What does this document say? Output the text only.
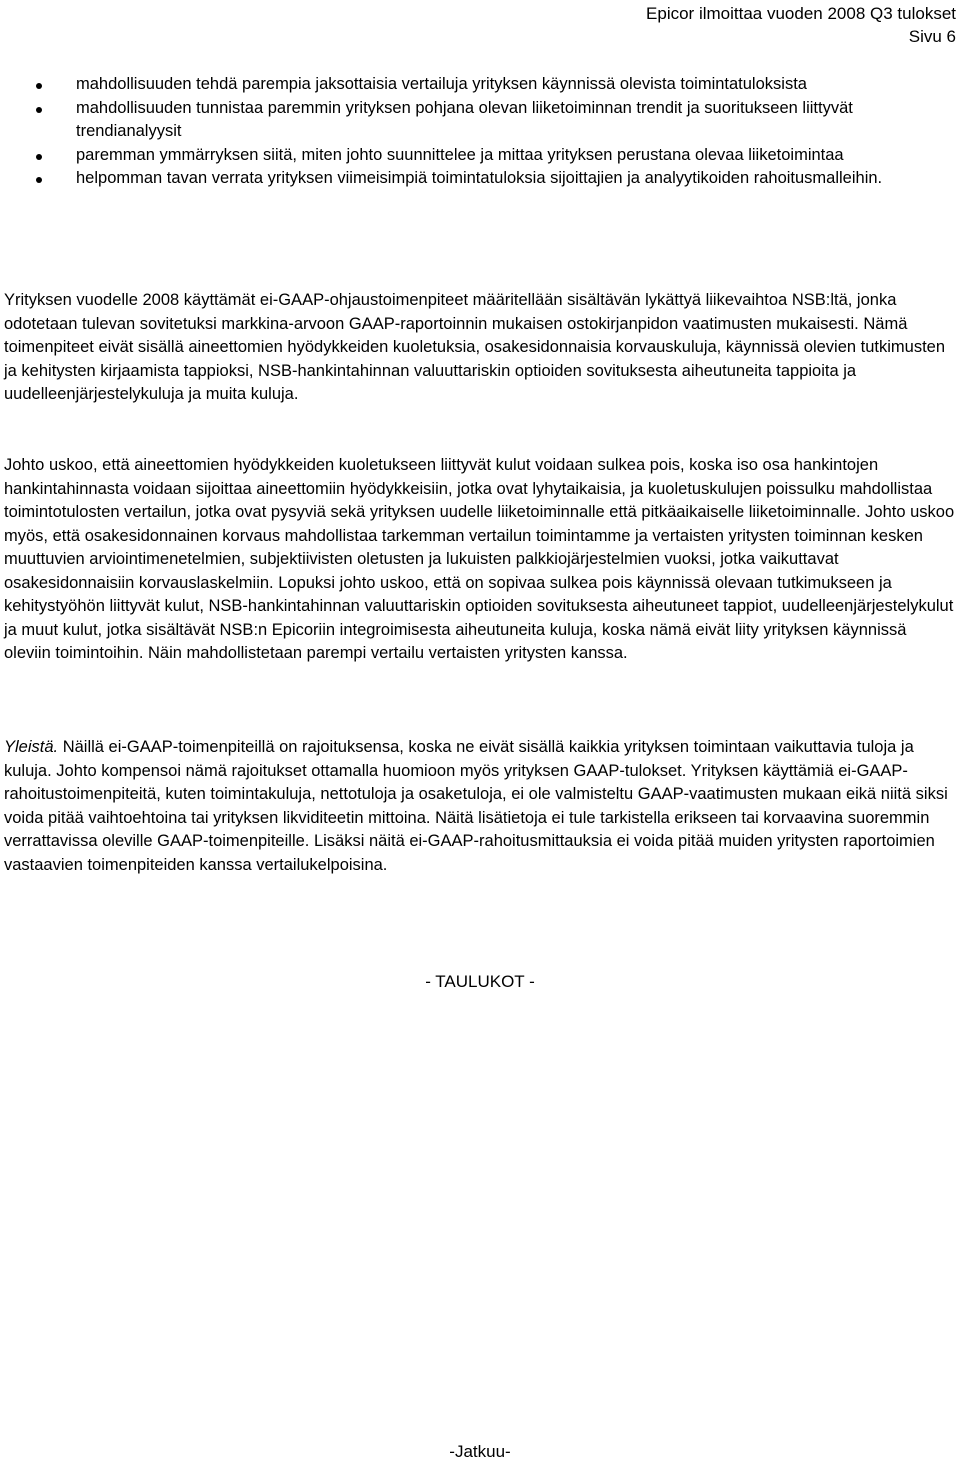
Epicor ilmoittaa vuoden 2008 Q3 tulokset
Sivu 6
mahdollisuuden tehdä parempia jaksottaisia vertailuja yrityksen käynnissä olevista toimintatuloksista
mahdollisuuden tunnistaa paremmin yrityksen pohjana olevan liiketoiminnan trendit ja suoritukseen liittyvät trendianalyysit
paremman ymmärryksen siitä, miten johto suunnittelee ja mittaa yrityksen perustana olevaa liiketoimintaa
helpomman tavan verrata yrityksen viimeisimpiä toimintatuloksia sijoittajien ja analyytikoiden rahoitusmalleihin.

Yrityksen vuodelle 2008 käyttämät ei-GAAP-ohjaustoimenpiteet määritellään sisältävän lykättyä liikevaihtoa NSB:ltä, jonka odotetaan tulevan sovitetuksi markkina-arvoon GAAP-raportoinnin mukaisen ostokirjanpidon vaatimusten mukaisesti. Nämä toimenpiteet eivät sisällä aineettomien hyödykkeiden kuoletuksia, osakesidonnaisia korvauskuluja, käynnissä olevien tutkimusten ja kehitysten kirjaamista tappioksi, NSB-hankintahinnan valuuttariskin optioiden sovituksesta aiheutuneita tappioita ja uudelleenjärjestelykuluja ja muita kuluja.

Johto uskoo, että aineettomien hyödykkeiden kuoletukseen liittyvät kulut voidaan sulkea pois, koska iso osa hankintojen hankintahinnasta voidaan sijoittaa aineettomiin hyödykkeisiin, jotka ovat lyhytaikaisia, ja kuoletuskulujen poissulku mahdollistaa toimintotulosten vertailun, jotka ovat pysyviä sekä yrityksen uudelle liiketoiminnalle että pitkäaikaiselle liiketoiminnalle. Johto uskoo myös, että osakesidonnainen korvaus mahdollistaa tarkemman vertailun toimintamme ja vertaisten yritysten toiminnan kesken muuttuvien arviointimenetelmien, subjektiivisten oletusten ja lukuisten palkkiojärjestelmien vuoksi, jotka vaikuttavat osakesidonnaisiin korvauslaskelmiin. Lopuksi johto uskoo, että on sopivaa sulkea pois käynnissä olevaan tutkimukseen ja kehitystyöhön liittyvät kulut, NSB-hankintahinnan valuuttariskin optioiden sovituksesta aiheutuneet tappiot, uudelleenjärjestelykulut ja muut kulut, jotka sisältävät NSB:n Epicoriin integroimisesta aiheutuneita kuluja, koska nämä eivät liity yrityksen käynnissä oleviin toimintoihin. Näin mahdollistetaan parempi vertailu vertaisten yritysten kanssa.

Yleistä. Näillä ei-GAAP-toimenpiteillä on rajoituksensa, koska ne eivät sisällä kaikkia yrityksen toimintaan vaikuttavia tuloja ja kuluja. Johto kompensoi nämä rajoitukset ottamalla huomioon myös yrityksen GAAP-tulokset. Yrityksen käyttämiä ei-GAAP-rahoitustoimenpiteitä, kuten toimintakuluja, nettotuloja ja osaketuloja, ei ole valmisteltu GAAP-vaatimusten mukaan eikä niitä siksi voida pitää vaihtoehtoina tai yrityksen likviditeetin mittoina. Näitä lisätietoja ei tule tarkistella erikseen tai korvaavina suoremmin verrattavissa oleville GAAP-toimenpiteille. Lisäksi näitä ei-GAAP-rahoitusmittauksia ei voida pitää muiden yritysten raportoimien vastaavien toimenpiteiden kanssa vertailukelpoisina.

- TAULUKOT -
-Jatkuu-
